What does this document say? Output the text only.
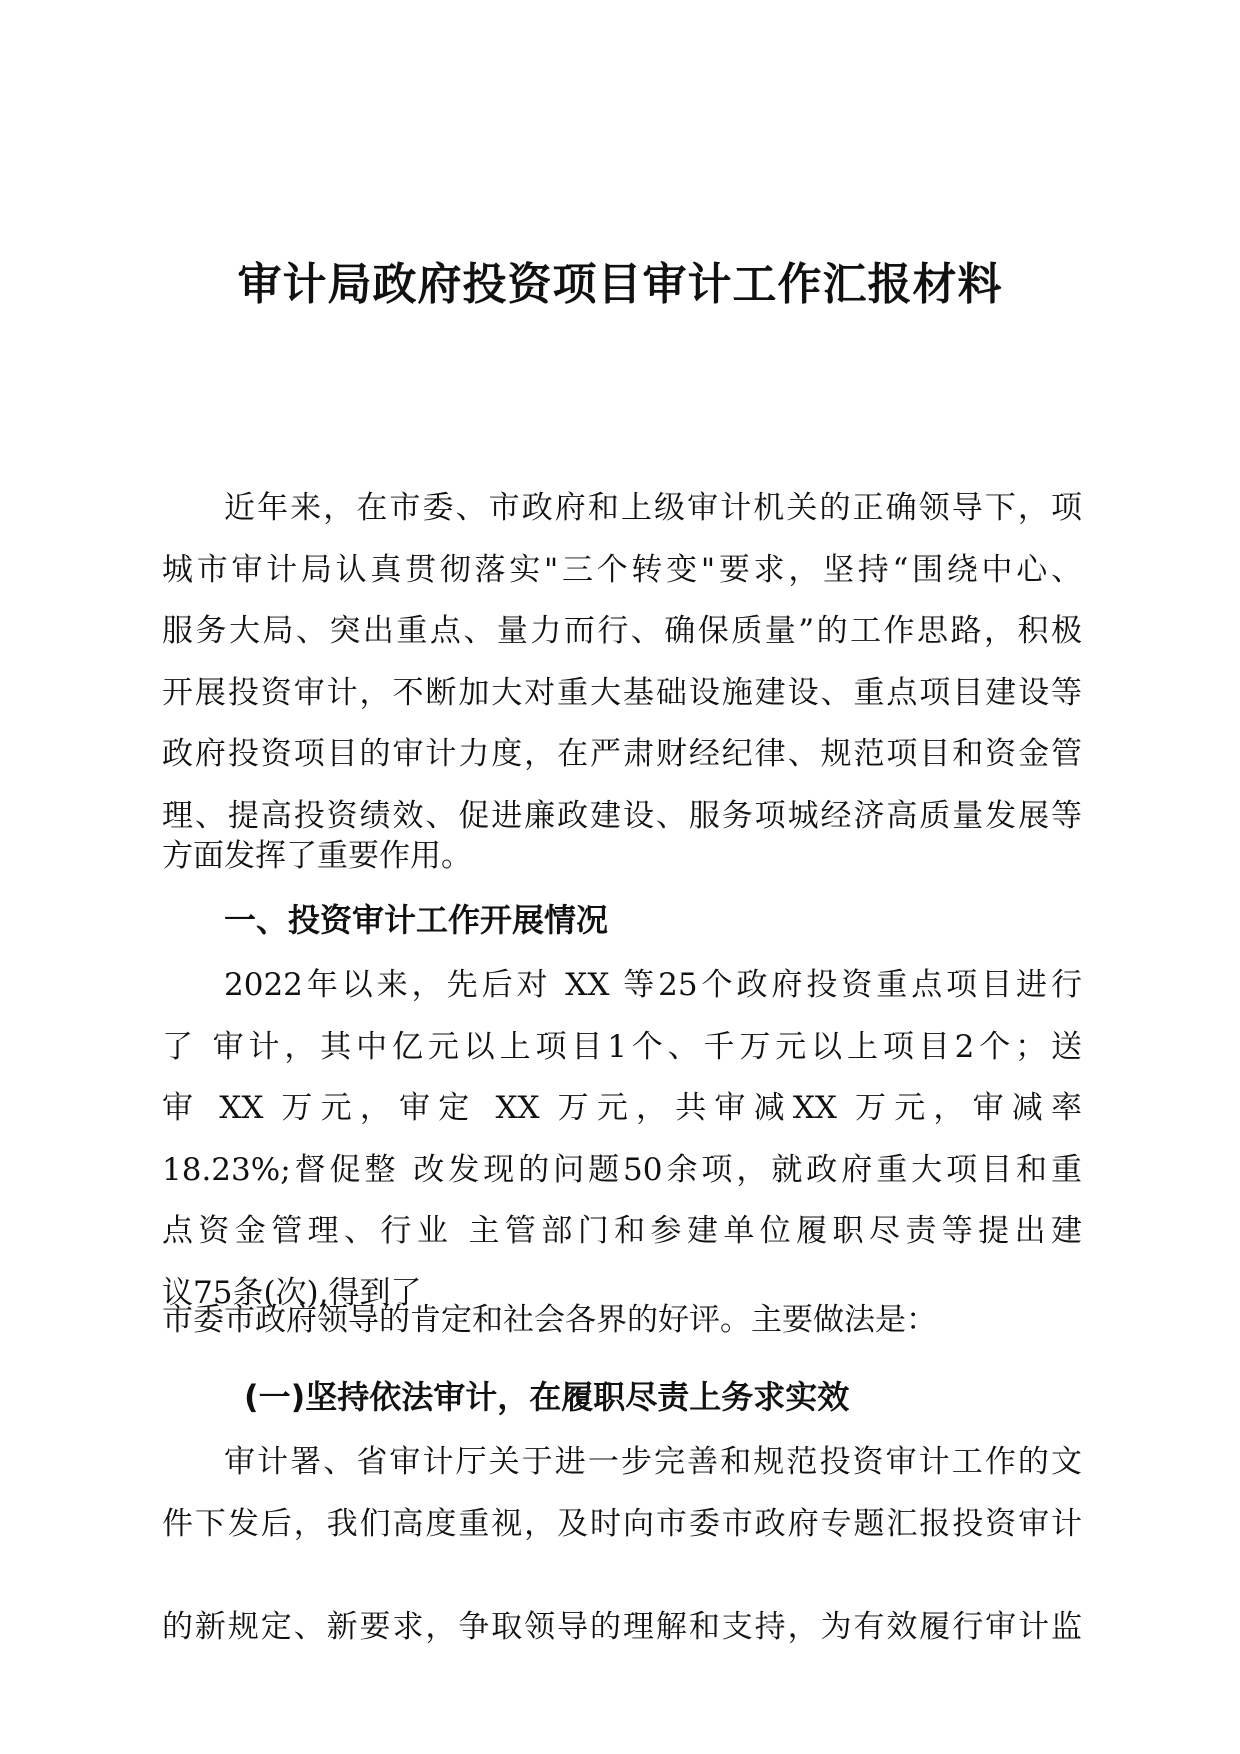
审计局政府投资项目审计工作汇报材料
近年来，在市委、市政府和上级审计机关的正确领导下，项
城市审计局认真贯彻落实"三个转变"要求，坚持“围绕中心、
服务大局、突出重点、量力而行、确保质量”的工作思路，积极
开展投资审计，不断加大对重大基础设施建设、重点项目建设等
政府投资项目的审计力度，在严肃财经纪律、规范项目和资金管
理、提高投资绩效、促进廉政建设、服务项城经济高质量发展等
方面发挥了重要作用。
一、投资审计工作开展情况
2022年以来，先后对 XX 等25个政府投资重点项目进行
了 审计，其中亿元以上项目1个、千万元以上项目2个；送
审 XX 万元，审定 XX 万元，共审减XX 万元，审减率
18.23%;督促整 改发现的问题50余项，就政府重大项目和重
点资金管理、行业 主管部门和参建单位履职尽责等提出建
议75条(次),得到了
市委市政府领导的肯定和社会各界的好评。主要做法是：
(一)坚持依法审计，在履职尽责上务求实效
审计署、省审计厅关于进一步完善和规范投资审计工作的文
件下发后，我们高度重视，及时向市委市政府专题汇报投资审计
的新规定、新要求，争取领导的理解和支持，为有效履行审计监
